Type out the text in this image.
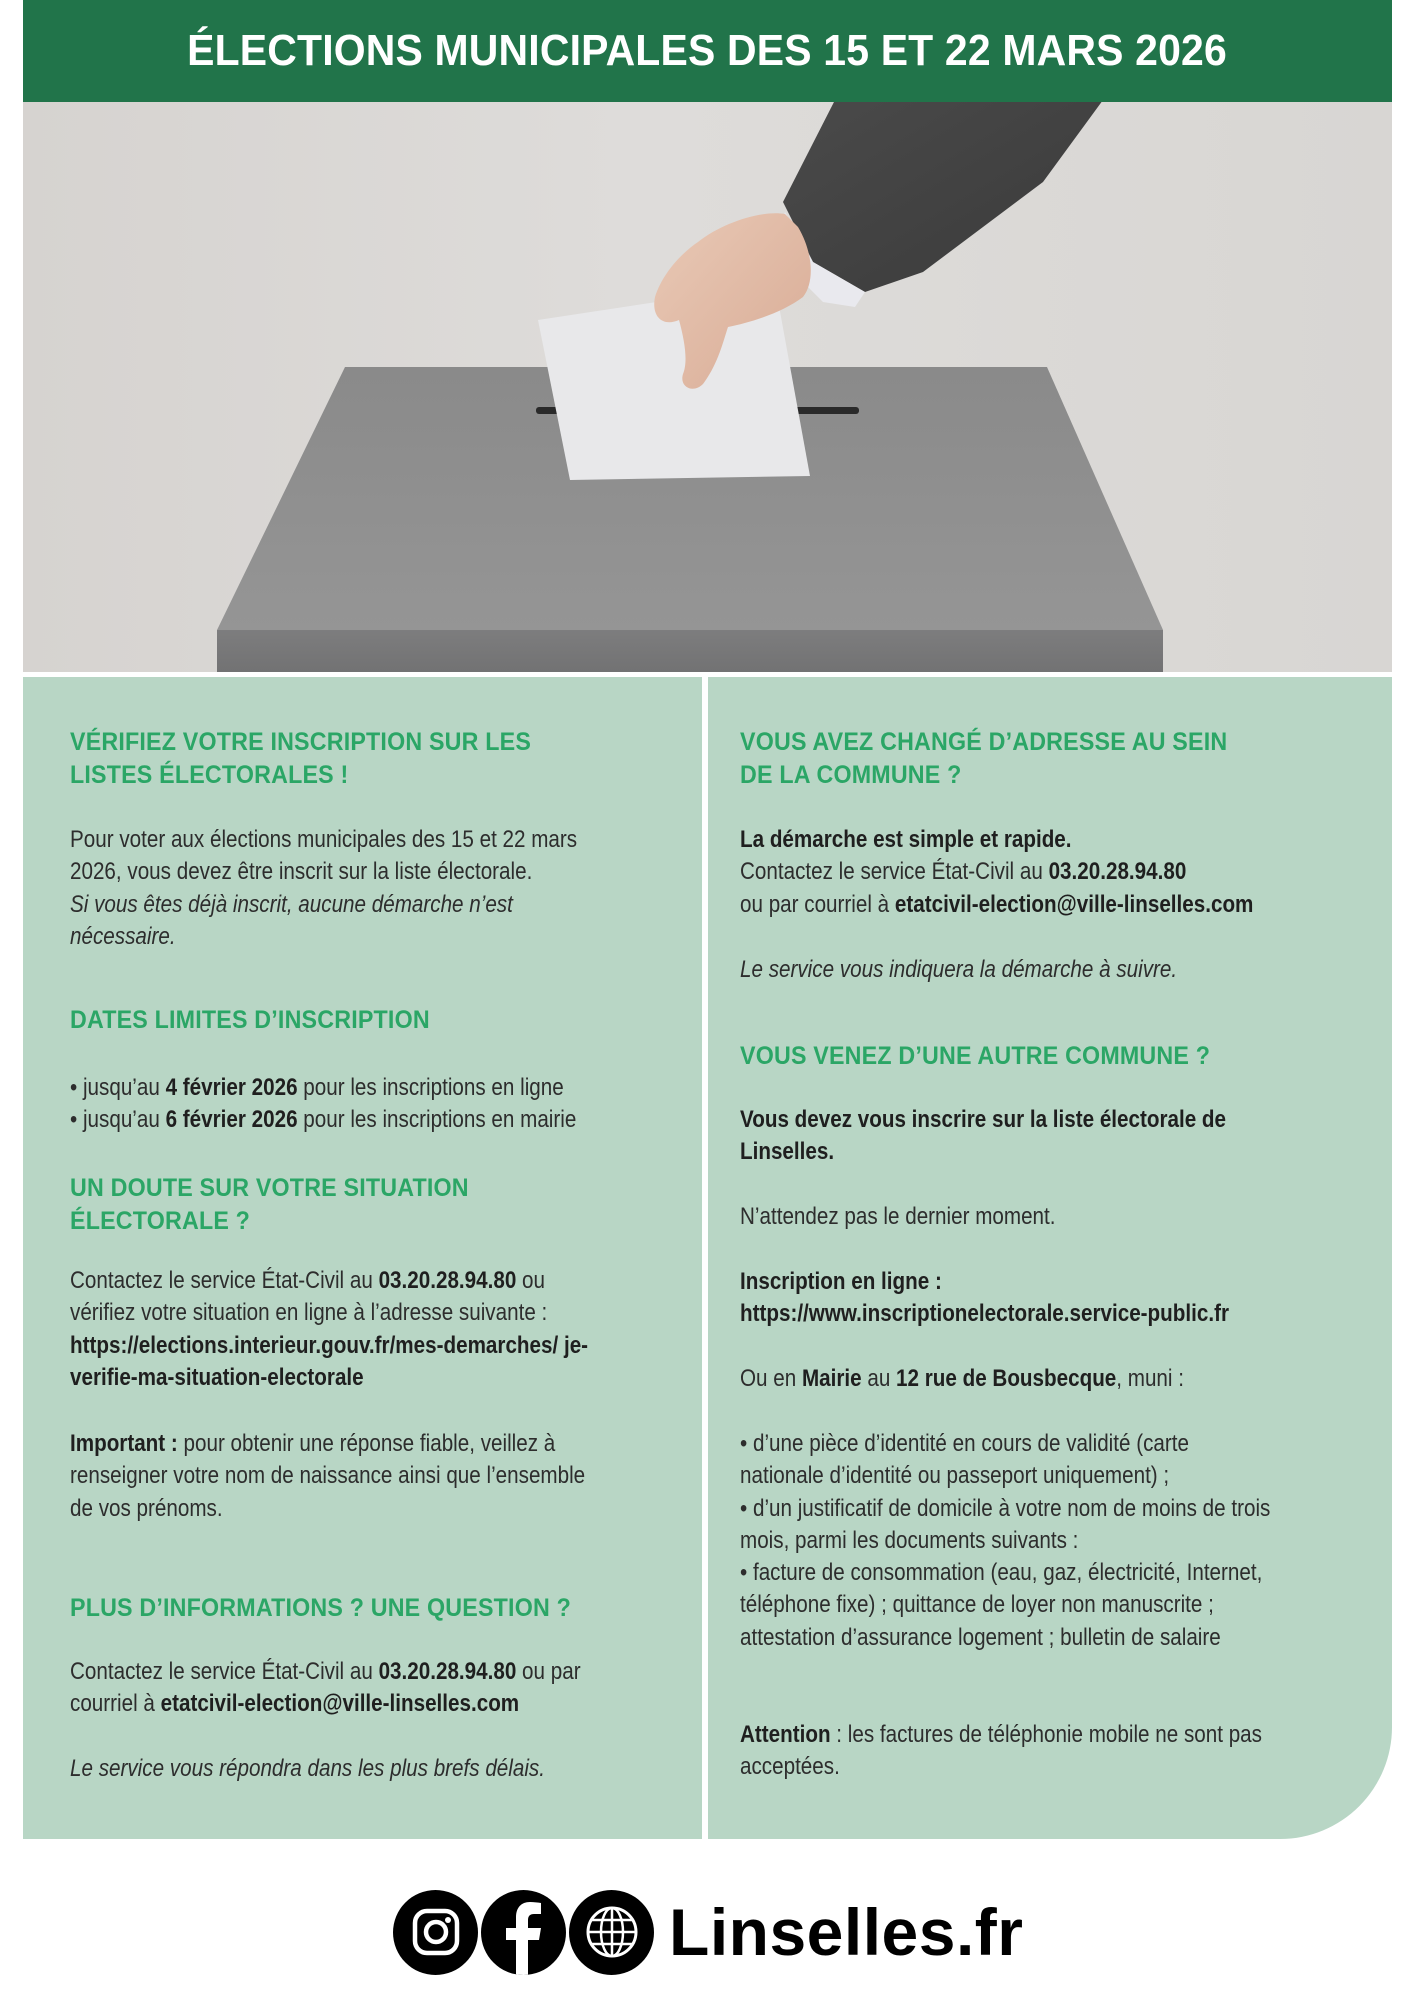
ÉLECTIONS MUNICIPALES DES 15 ET 22 MARS 2026
VÉRIFIEZ VOTRE INSCRIPTION SUR LES
LISTES ÉLECTORALES !
Pour voter aux élections municipales des 15 et 22 mars
2026, vous devez être inscrit sur la liste électorale.
Si vous êtes déjà inscrit, aucune démarche n’est
nécessaire.
DATES LIMITES D’INSCRIPTION
• jusqu’au 4 février 2026 pour les inscriptions en ligne
• jusqu’au 6 février 2026 pour les inscriptions en mairie
UN DOUTE SUR VOTRE SITUATION
ÉLECTORALE ?
Contactez le service État-Civil au 03.20.28.94.80 ou
vérifiez votre situation en ligne à l’adresse suivante :
https://elections.interieur.gouv.fr/mes-demarches/ je-
verifie-ma-situation-electorale
Important : pour obtenir une réponse fiable, veillez à
renseigner votre nom de naissance ainsi que l’ensemble
de vos prénoms.
PLUS D’INFORMATIONS ? UNE QUESTION ?
Contactez le service État-Civil au 03.20.28.94.80 ou par
courriel à etatcivil-election@ville-linselles.com
Le service vous répondra dans les plus brefs délais.
VOUS AVEZ CHANGÉ D’ADRESSE AU SEIN
DE LA COMMUNE ?
La démarche est simple et rapide.
Contactez le service État-Civil au 03.20.28.94.80
ou par courriel à etatcivil-election@ville-linselles.com
Le service vous indiquera la démarche à suivre.
VOUS VENEZ D’UNE AUTRE COMMUNE ?
Vous devez vous inscrire sur la liste électorale de
Linselles.
N’attendez pas le dernier moment.
Inscription en ligne :
https://www.inscriptionelectorale.service-public.fr
Ou en Mairie au 12 rue de Bousbecque, muni :
• d’une pièce d’identité en cours de validité (carte
nationale d’identité ou passeport uniquement) ;
• d’un justificatif de domicile à votre nom de moins de trois
mois, parmi les documents suivants :
• facture de consommation (eau, gaz, électricité, Internet,
téléphone fixe) ; quittance de loyer non manuscrite ;
attestation d’assurance logement ; bulletin de salaire
Attention : les factures de téléphonie mobile ne sont pas
acceptées.
Linselles.fr
